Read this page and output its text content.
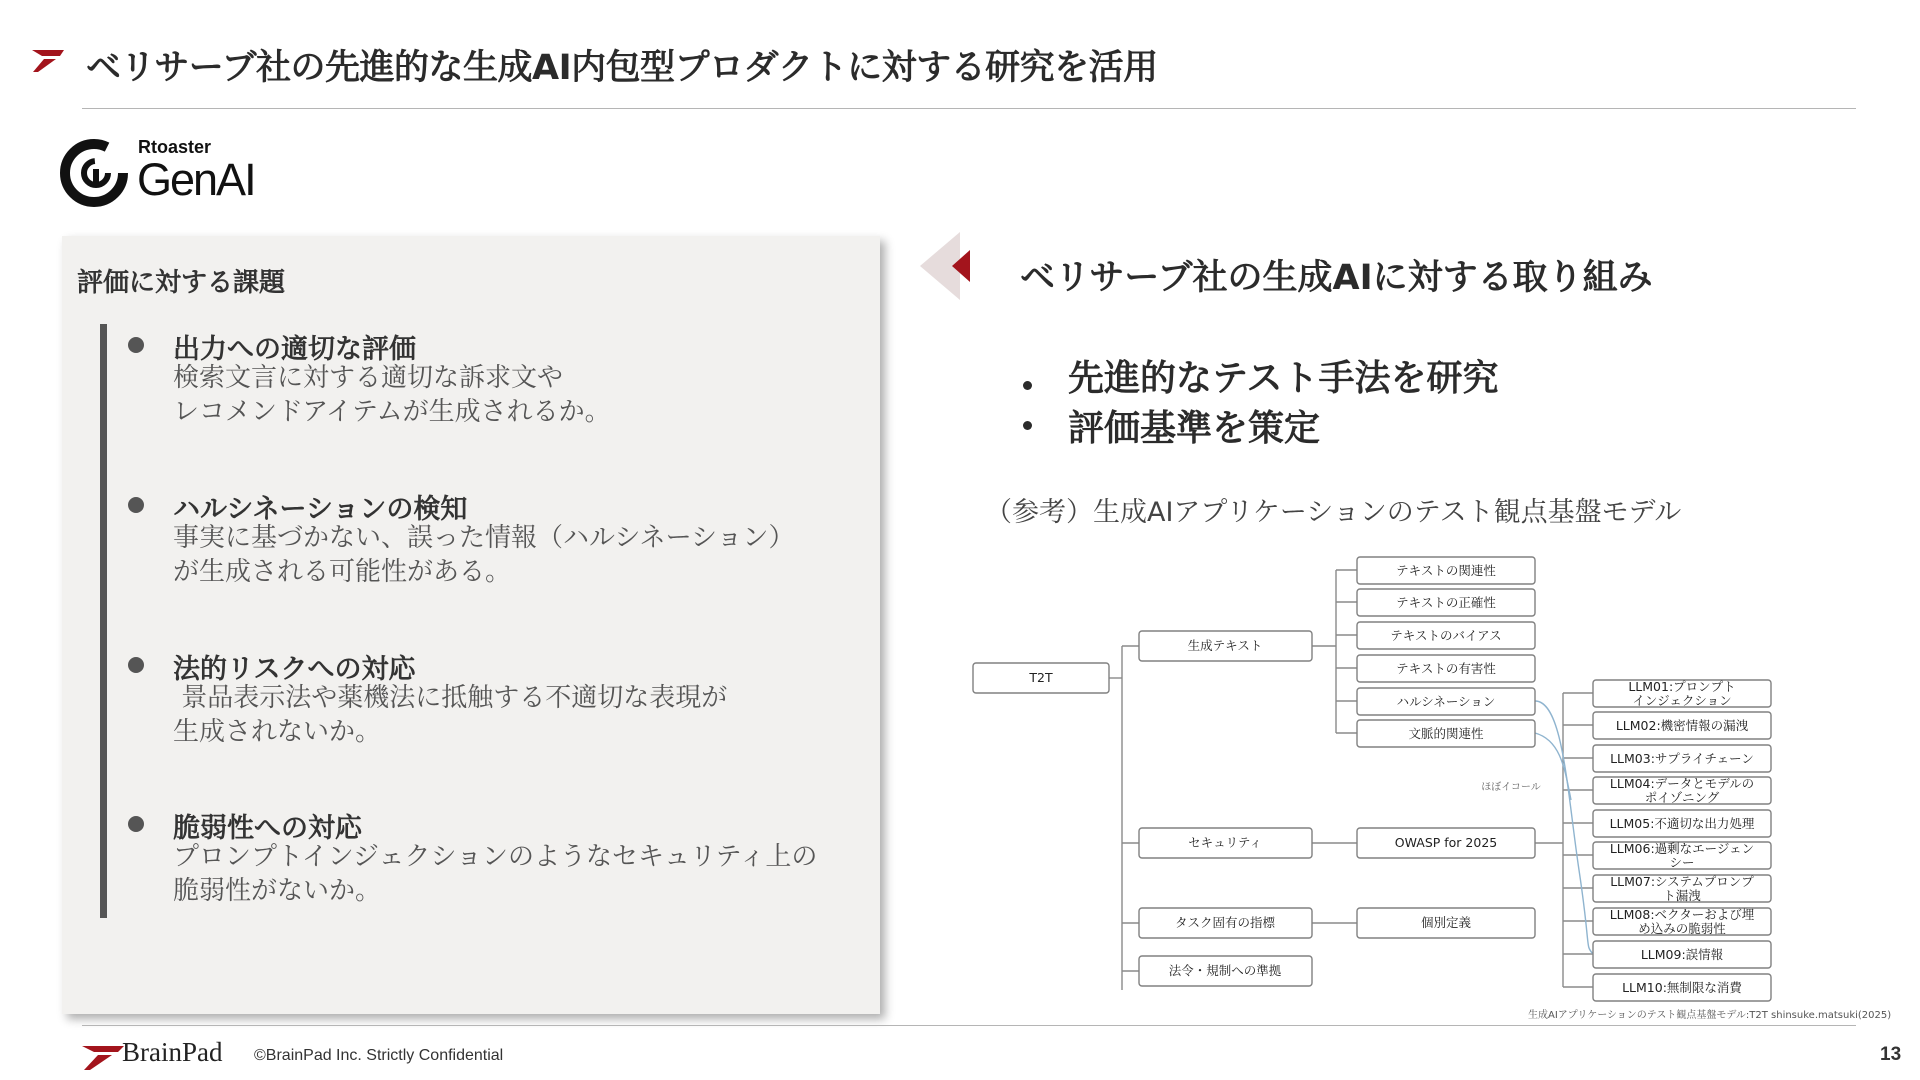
ベリサーブ社の先進的な生成AI内包型プロダクトに対する研究を活用
Rtoaster
GenAI
評価に対する課題
出力への適切な評価
検索文言に対する適切な訴求文や
レコメンドアイテムが生成されるか。
ハルシネーションの検知
事実に基づかない、誤った情報（ハルシネーション）
が生成される可能性がある。
法的リスクへの対応
景品表示法や薬機法に抵触する不適切な表現が
生成されないか。
脆弱性への対応
プロンプトインジェクションのようなセキュリティ上の
脆弱性がないか。
ベリサーブ社の生成AIに対する取り組み
先進的なテスト手法を研究
評価基準を策定
（参考）生成AIアプリケーションのテスト観点基盤モデル
T2T
生成テキスト
セキュリティ
タスク固有の指標
法令・規制への準拠
テキストの関連性
テキストの正確性
テキストのバイアス
テキストの有害性
ハルシネーション
文脈的関連性
OWASP for 2025
個別定義
ほぼイコール
LLM01:プロンプト
インジェクション
LLM02:機密情報の漏洩
LLM03:サプライチェーン
LLM04:データとモデルの
ポイゾニング
LLM05:不適切な出力処理
LLM06:過剰なエージェン
シー
LLM07:システムプロンプ
ト漏洩
LLM08:ベクターおよび埋
め込みの脆弱性
LLM09:誤情報
LLM10:無制限な消費
生成AIアプリケーションのテスト観点基盤モデル:T2T shinsuke.matsuki(2025)
BrainPad ©BrainPad Inc. Strictly Confidential	13
